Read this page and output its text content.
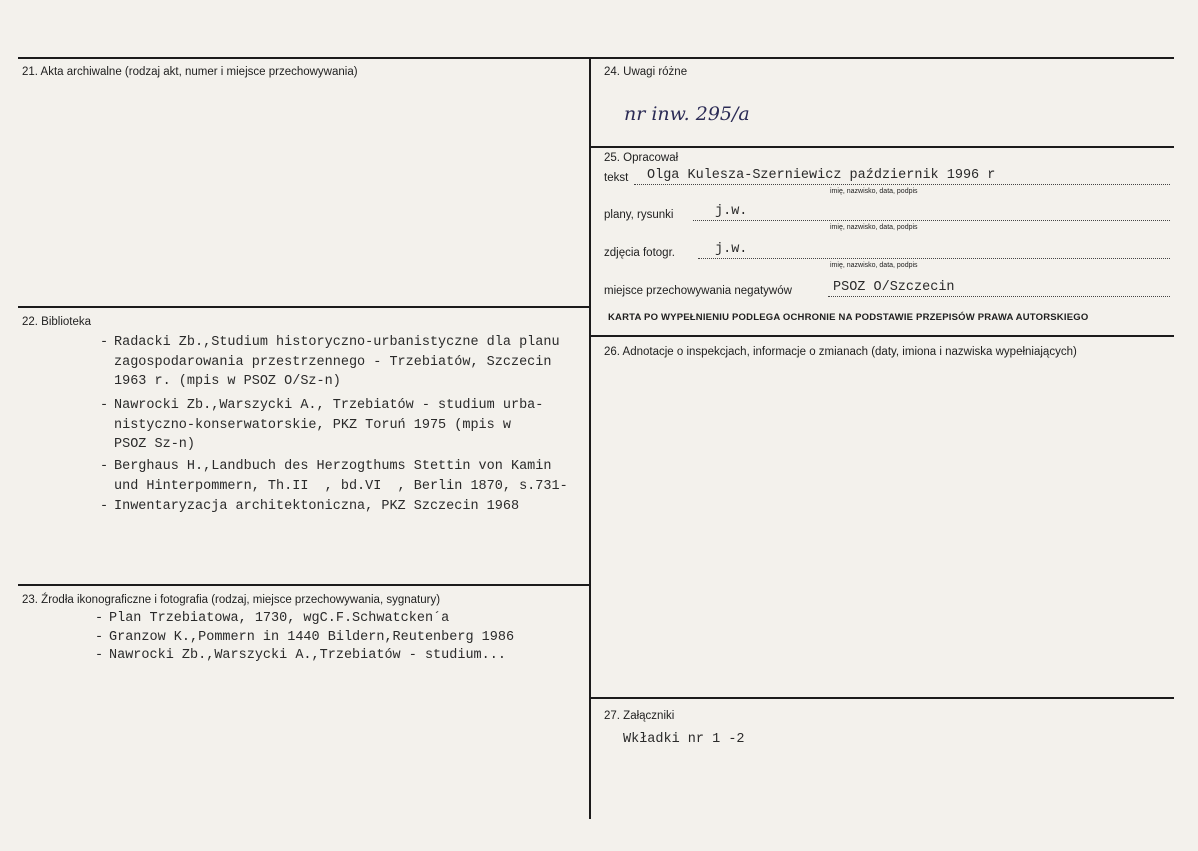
21. Akta archiwalne (rodzaj akt, numer i miejsce przechowywania)
22. Biblioteka
- Radacki Zb.,Studium historyczno-urbanistyczne dla planu
zagospodarowania przestrzennego - Trzebiatów, Szczecin
1963 r. (mpis w PSOZ O/Sz-n)
- Nawrocki Zb.,Warszycki A., Trzebiatów - studium urba-
nistyczno-konserwatorskie, PKZ Toruń 1975 (mpis w
PSOZ Sz-n)
- Berghaus H.,Landbuch des Herzogthums Stettin von Kamin
und Hinterpommern, Th.II  , bd.VI  , Berlin 1870, s.731-
- Inwentaryzacja architektoniczna, PKZ Szczecin 1968
23. Źrodła ikonograficzne i fotografia (rodzaj, miejsce przechowywania, sygnatury)
- Plan Trzebiatowa, 1730, wgC.F.Schwatcken´a
- Granzow K.,Pommern in 1440 Bildern,Reutenberg 1986
- Nawrocki Zb.,Warszycki A.,Trzebiatów - studium...
24. Uwagi różne
nr inw. 295/a
25. Opracował
tekst Olga Kulesza-Szerniewicz październik 1996 r
imię, nazwisko, data, podpis
plany, rysunki	j.w.
imię, nazwisko, data, podpis
zdjęcia fotogr.	j.w.
imię, nazwisko, data, podpis
miejsce przechowywania negatywów	PSOZ O/Szczecin
KARTA PO WYPEŁNIENIU PODLEGA OCHRONIE NA PODSTAWIE PRZEPISÓW PRAWA AUTORSKIEGO
26. Adnotacje o inspekcjach, informacje o zmianach (daty, imiona i nazwiska wypełniających)
27. Załączniki
Wkładki nr 1 -2
